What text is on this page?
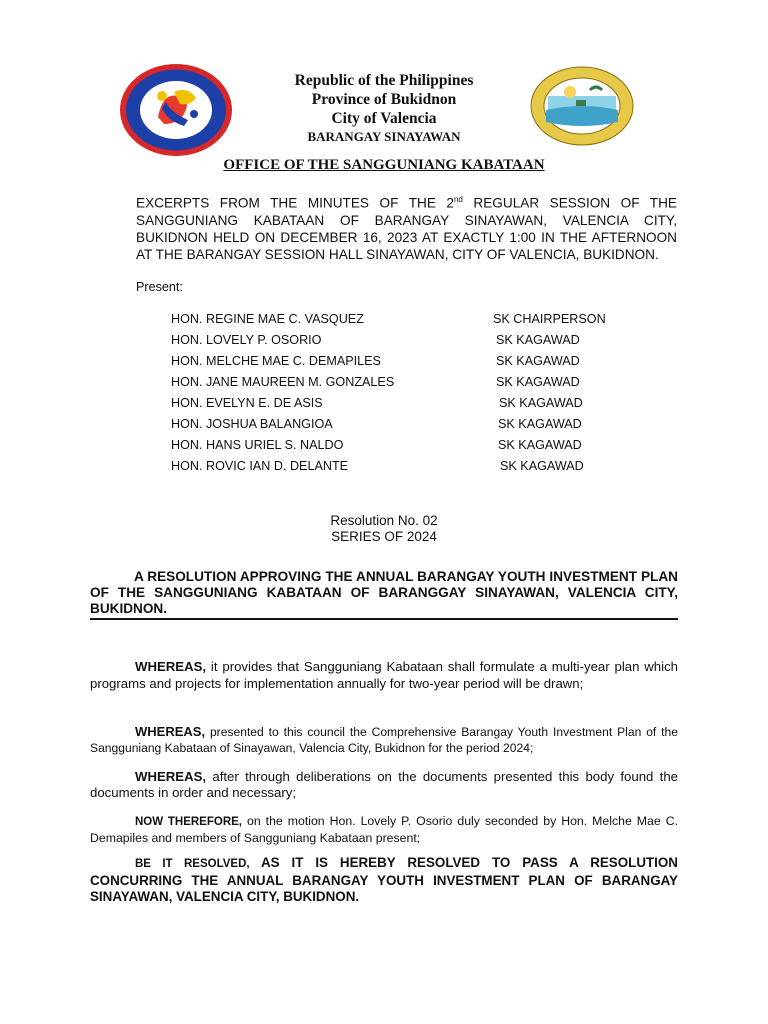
Republic of the Philippines
Province of Bukidnon
City of Valencia
BARANGAY SINAYAWAN
OFFICE OF THE SANGGUNIANG KABATAAN
EXCERPTS FROM THE MINUTES OF THE 2nd REGULAR SESSION OF THE SANGGUNIANG KABATAAN OF BARANGAY SINAYAWAN, VALENCIA CITY, BUKIDNON HELD ON DECEMBER 16, 2023 AT EXACTLY 1:00 IN THE AFTERNOON AT THE BARANGAY SESSION HALL SINAYAWAN, CITY OF VALENCIA, BUKIDNON.
Present:
HON. REGINE MAE C. VASQUEZ	SK CHAIRPERSON
HON. LOVELY P. OSORIO	SK KAGAWAD
HON. MELCHE MAE C. DEMAPILES	SK KAGAWAD
HON. JANE MAUREEN M. GONZALES	SK KAGAWAD
HON. EVELYN E. DE ASIS	SK KAGAWAD
HON. JOSHUA BALANGIOA	SK KAGAWAD
HON. HANS URIEL S. NALDO	SK KAGAWAD
HON. ROVIC IAN D. DELANTE	SK KAGAWAD
Resolution No. 02
SERIES OF 2024
A RESOLUTION APPROVING THE ANNUAL BARANGAY YOUTH INVESTMENT PLAN OF THE SANGGUNIANG KABATAAN OF BARANGGAY SINAYAWAN, VALENCIA CITY, BUKIDNON.
WHEREAS, it provides that Sangguniang Kabataan shall formulate a multi-year plan which programs and projects for implementation annually for two-year period will be drawn;
WHEREAS, presented to this council the Comprehensive Barangay Youth Investment Plan of the Sangguniang Kabataan of Sinayawan, Valencia City, Bukidnon for the period 2024;
WHEREAS, after through deliberations on the documents presented this body found the documents in order and necessary;
NOW THEREFORE, on the motion Hon. Lovely P. Osorio duly seconded by Hon. Melche Mae C. Demapiles and members of Sangguniang Kabataan present;
BE IT RESOLVED, AS IT IS HEREBY RESOLVED TO PASS A RESOLUTION CONCURRING THE ANNUAL BARANGAY YOUTH INVESTMENT PLAN OF BARANGAY SINAYAWAN, VALENCIA CITY, BUKIDNON.
